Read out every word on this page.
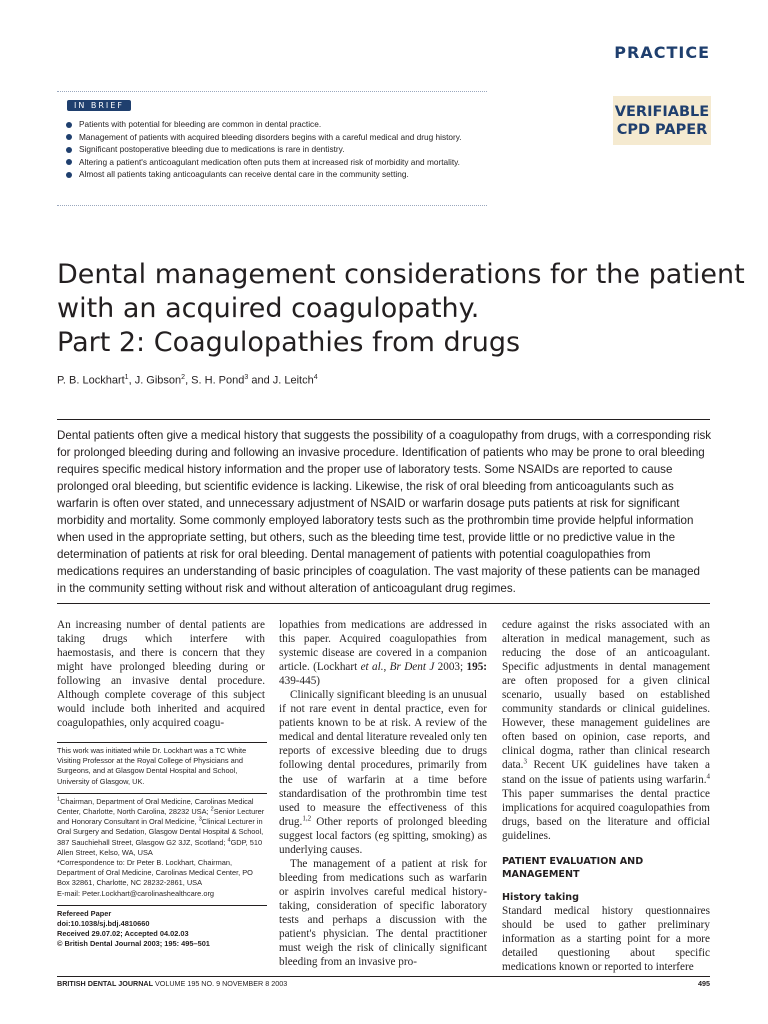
PRACTICE
IN BRIEF
Patients with potential for bleeding are common in dental practice.
Management of patients with acquired bleeding disorders begins with a careful medical and drug history.
Significant postoperative bleeding due to medications is rare in dentistry.
Altering a patient's anticoagulant medication often puts them at increased risk of morbidity and mortality.
Almost all patients taking anticoagulants can receive dental care in the community setting.
VERIFIABLE
CPD PAPER
Dental management considerations for the patient
with an acquired coagulopathy.
Part 2: Coagulopathies from drugs
P. B. Lockhart$^1$, J. Gibson$^2$, S. H. Pond$^3$ and J. Leitch$^4$

Dental patients often give a medical history that suggests the possibility of a coagulopathy from drugs, with a corresponding risk for prolonged bleeding during and following an invasive procedure. Identification of patients who may be prone to oral bleeding requires specific medical history information and the proper use of laboratory tests. Some NSAIDs are reported to cause prolonged oral bleeding, but scientific evidence is lacking. Likewise, the risk of oral bleeding from anticoagulants such as warfarin is often over stated, and unnecessary adjustment of NSAID or warfarin dosage puts patients at risk for significant morbidity and mortality. Some commonly employed laboratory tests such as the prothrombin time provide helpful information when used in the appropriate setting, but others, such as the bleeding time test, provide little or no predictive value in the determination of patients at risk for oral bleeding. Dental management of patients with potential coagulopathies from medications requires an understanding of basic principles of coagulation. The vast majority of these patients can be managed in the community setting without risk and without alteration of anticoagulant drug regimes.

An increasing number of dental patients are taking drugs which interfere with haemostasis, and there is concern that they might have prolonged bleeding during or following an invasive dental procedure. Although complete coverage of this subject would include both inherited and acquired coagulopathies, only acquired coagu-

This work was initiated while Dr. Lockhart was a TC White Visiting Professor at the Royal College of Physicians and Surgeons, and at Glasgow Dental Hospital and School, University of Glasgow, UK.

$^1$Chairman, Department of Oral Medicine, Carolinas Medical Center, Charlotte, North Carolina, 28232 USA; $^2$Senior Lecturer and Honorary Consultant in Oral Medicine, $^3$Clinical Lecturer in Oral Surgery and Sedation, Glasgow Dental Hospital & School, 387 Sauchiehall Street, Glasgow G2 3JZ, Scotland; $^4$GDP, 510 Allen Street, Kelso, WA, USA

*Correspondence to: Dr Peter B. Lockhart, Chairman, Department of Oral Medicine, Carolinas Medical Center, PO Box 32861, Charlotte, NC 28232-2861, USA

E-mail: Peter.Lockhart@carolinashealthcare.org

Refereed Paper

doi:10.1038/sj.bdj.4810660

Received 29.07.02; Accepted 04.02.03

© British Dental Journal 2003; 195: 495–501

lopathies from medications are addressed in this paper. Acquired coagulopathies from systemic disease are covered in a companion article. (Lockhart et al., Br Dent J 2003; 195: 439-445)

Clinically significant bleeding is an unusual if not rare event in dental practice, even for patients known to be at risk. A review of the medical and dental literature revealed only ten reports of excessive bleeding due to drugs following dental procedures, primarily from the use of warfarin at a time before standardisation of the prothrombin time test used to measure the effectiveness of this drug.$^{1,2}$ Other reports of prolonged bleeding suggest local factors (eg spitting, smoking) as underlying causes.

The management of a patient at risk for bleeding from medications such as warfarin or aspirin involves careful medical history-taking, consideration of specific laboratory tests and perhaps a discussion with the patient's physician. The dental practitioner must weigh the risk of clinically significant bleeding from an invasive pro-

cedure against the risks associated with an alteration in medical management, such as reducing the dose of an anticoagulant. Specific adjustments in dental management are often proposed for a given clinical scenario, usually based on established community standards or clinical guidelines. However, these management guidelines are often based on opinion, case reports, and clinical dogma, rather than clinical research data.$^3$ Recent UK guidelines have taken a stand on the issue of patients using warfarin.$^4$ This paper summarises the dental practice implications for acquired coagulopathies from drugs, based on the literature and official guidelines.

PATIENT EVALUATION AND MANAGEMENT
History taking

Standard medical history questionnaires should be used to gather preliminary information as a starting point for a more detailed questioning about specific medications known or reported to interfere

BRITISH DENTAL JOURNAL VOLUME 195 NO. 9 NOVEMBER 8 2003	495
